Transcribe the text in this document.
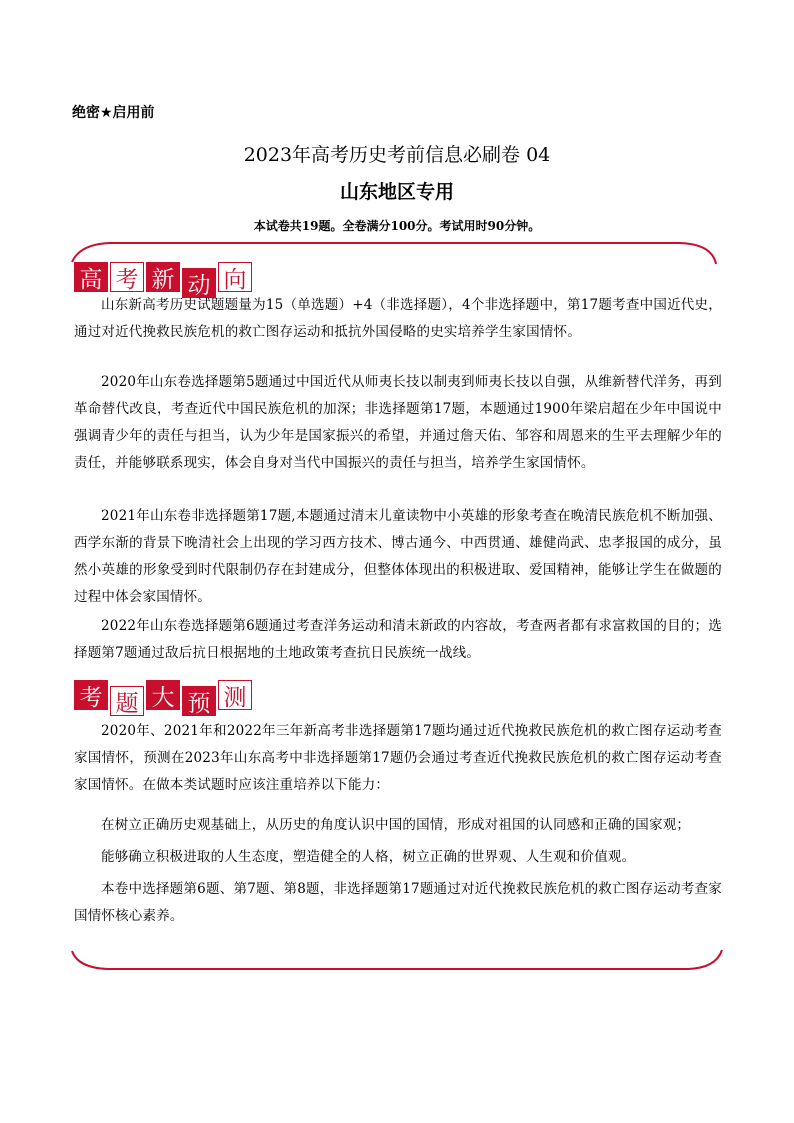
绝密★启用前
2023年高考历史考前信息必刷卷 04
山东地区专用
本试卷共19题。全卷满分100分。考试用时90分钟。
高 考 新 动 向

山东新高考历史试题题量为15（单选题）+4（非选择题），4个非选择题中，第17题考查中国近代史，通过对近代挽救民族危机的救亡图存运动和抵抗外国侵略的史实培养学生家国情怀。

2020年山东卷选择题第5题通过中国近代从师夷长技以制夷到师夷长技以自强，从维新替代洋务，再到革命替代改良，考查近代中国民族危机的加深；非选择题第17题，本题通过1900年梁启超在少年中国说中强调青少年的责任与担当，认为少年是国家振兴的希望，并通过詹天佑、邹容和周恩来的生平去理解少年的责任，并能够联系现实，体会自身对当代中国振兴的责任与担当，培养学生家国情怀。

2021年山东卷非选择题第17题,本题通过清末儿童读物中小英雄的形象考查在晚清民族危机不断加强、西学东渐的背景下晚清社会上出现的学习西方技术、博古通今、中西贯通、雄健尚武、忠孝报国的成分，虽然小英雄的形象受到时代限制仍存在封建成分，但整体体现出的积极进取、爱国精神，能够让学生在做题的过程中体会家国情怀。

2022年山东卷选择题第6题通过考查洋务运动和清末新政的内容故，考查两者都有求富救国的目的；选择题第7题通过敌后抗日根据地的土地政策考查抗日民族统一战线。

考 题 大 预 测

2020年、2021年和2022年三年新高考非选择题第17题均通过近代挽救民族危机的救亡图存运动考查家国情怀，预测在2023年山东高考中非选择题第17题仍会通过考查近代挽救民族危机的救亡图存运动考查家国情怀。在做本类试题时应该注重培养以下能力：

在树立正确历史观基础上，从历史的角度认识中国的国情，形成对祖国的认同感和正确的国家观；

能够确立积极进取的人生态度，塑造健全的人格，树立正确的世界观、人生观和价值观。

本卷中选择题第6题、第7题、第8题，非选择题第17题通过对近代挽救民族危机的救亡图存运动考查家国情怀核心素养。
